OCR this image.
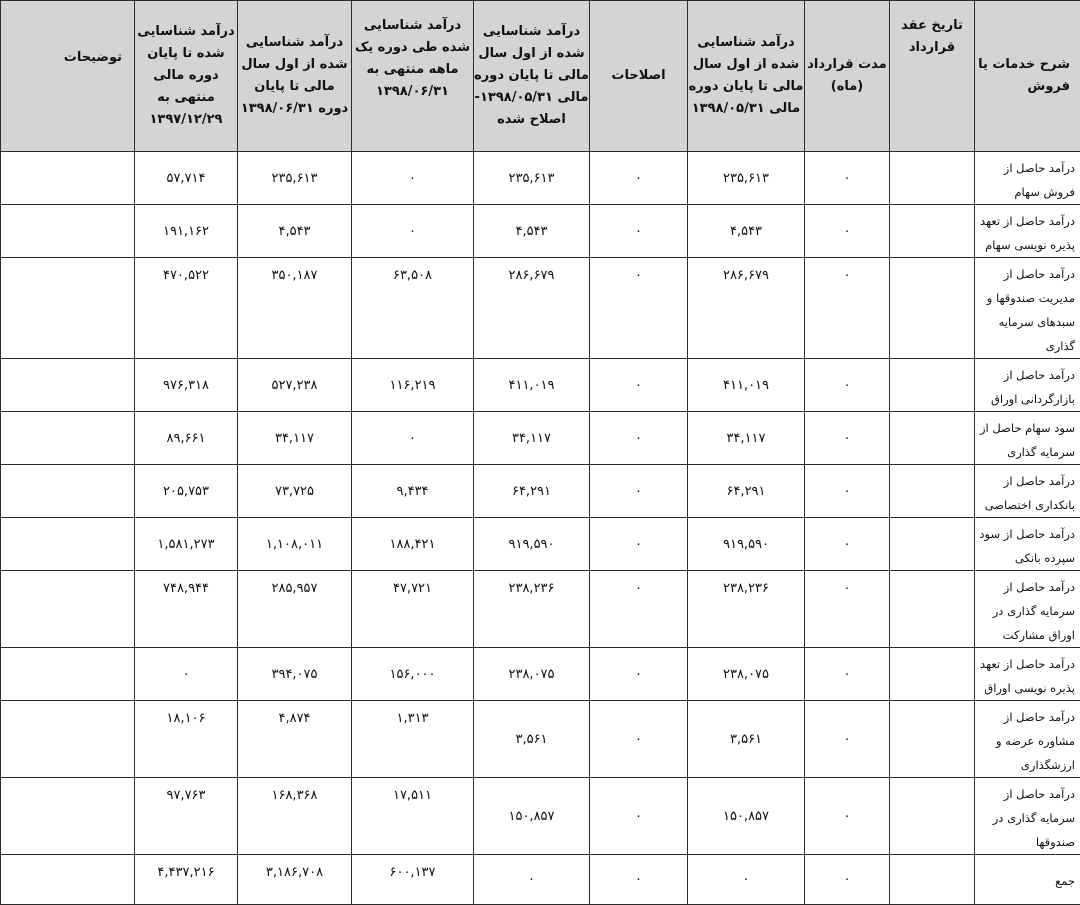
شرح خدمات یا فروش	تاریخ عقد قرارداد	مدت قرارداد (ماه)	درآمد شناسایی شده از اول سال مالی تا پایان دوره مالی ۱۳۹۸/۰۵/۳۱	اصلاحات	درآمد شناسایی شده از اول سال مالی تا پایان دوره مالی ۱۳۹۸/۰۵/۳۱- اصلاح شده	درآمد شناسایی شده طی دوره یک ماهه منتهی به ۱۳۹۸/۰۶/۳۱	درآمد شناسایی شده از اول سال مالی تا پایان دوره ۱۳۹۸/۰۶/۳۱	درآمد شناسایی شده تا پایان دوره مالی منتهی به ۱۳۹۷/۱۲/۲۹	توضیحات
درآمد حاصل از فروش سهام		۰	۲۳۵,۶۱۳	۰	۲۳۵,۶۱۳	۰	۲۳۵,۶۱۳	۵۷,۷۱۴	
درآمد حاصل از تعهد پذیره نویسی سهام		۰	۴,۵۴۳	۰	۴,۵۴۳	۰	۴,۵۴۳	۱۹۱,۱۶۲	
درآمد حاصل از مدیریت صندوقها و سبدهای سرمایه گذاری		۰	۲۸۶,۶۷۹	۰	۲۸۶,۶۷۹	۶۳,۵۰۸	۳۵۰,۱۸۷	۴۷۰,۵۲۲	
درآمد حاصل از بازارگردانی اوراق		۰	۴۱۱,۰۱۹	۰	۴۱۱,۰۱۹	۱۱۶,۲۱۹	۵۲۷,۲۳۸	۹۷۶,۳۱۸	
سود سهام حاصل از سرمایه گذاری		۰	۳۴,۱۱۷	۰	۳۴,۱۱۷	۰	۳۴,۱۱۷	۸۹,۶۶۱	
درآمد حاصل از بانکداری اختصاصی		۰	۶۴,۲۹۱	۰	۶۴,۲۹۱	۹,۴۳۴	۷۳,۷۲۵	۲۰۵,۷۵۳	
درآمد حاصل از سود سپرده بانکی		۰	۹۱۹,۵۹۰	۰	۹۱۹,۵۹۰	۱۸۸,۴۲۱	۱,۱۰۸,۰۱۱	۱,۵۸۱,۲۷۳	
درآمد حاصل از سرمایه گذاری در اوراق مشارکت		۰	۲۳۸,۲۳۶	۰	۲۳۸,۲۳۶	۴۷,۷۲۱	۲۸۵,۹۵۷	۷۴۸,۹۴۴	
درآمد حاصل از تعهد پذیره نویسی اوراق		۰	۲۳۸,۰۷۵	۰	۲۳۸,۰۷۵	۱۵۶,۰۰۰	۳۹۴,۰۷۵	۰	
درآمد حاصل از مشاوره عرضه و ارزشگذاری		۰	۳,۵۶۱	۰	۳,۵۶۱	۱,۳۱۳	۴,۸۷۴	۱۸,۱۰۶	
درآمد حاصل از سرمایه گذاری در صندوقها		۰	۱۵۰,۸۵۷	۰	۱۵۰,۸۵۷	۱۷,۵۱۱	۱۶۸,۳۶۸	۹۷,۷۶۳	
جمع		۰	۰	۰	۰	۶۰۰,۱۳۷	۳,۱۸۶,۷۰۸	۴,۴۳۷,۲۱۶	
